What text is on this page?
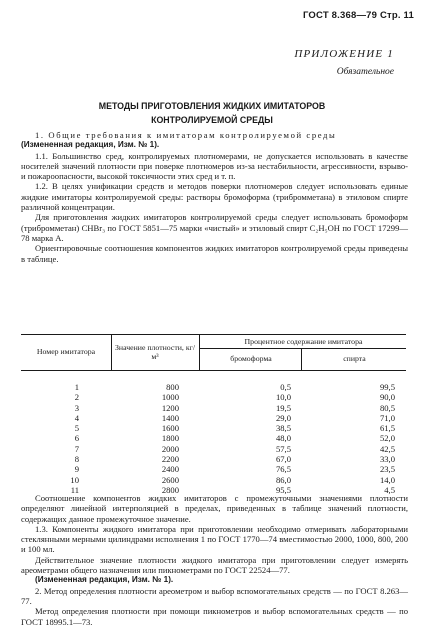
ГОСТ 8.368—79 Стр. 11
ПРИЛОЖЕНИЕ 1
Обязательное
МЕТОДЫ ПРИГОТОВЛЕНИЯ ЖИДКИХ ИМИТАТОРОВ
КОНТРОЛИРУЕМОЙ СРЕДЫ

1. Общие требования к имитаторам контролируемой среды

(Измененная редакция, Изм. № 1).

1.1. Большинство сред, контролируемых плотномерами, не допускается использовать в качестве носителей значений плотности при поверке плотномеров из-за нестабильности, агрессивности, взрыво- и пожароопасности, высокой токсичности этих сред и т. п.

1.2. В целях унификации средств и методов поверки плотномеров следует использовать единые жидкие имитаторы контролируемой среды: растворы бромоформа (трибромметана) в этиловом спирте различной концентрации.

Для приготовления жидких имитаторов контролируемой среды следует использовать бромоформ (трибромметан) CHBr₃ по ГОСТ 5851—75 марки «чистый» и этиловый спирт C₂H₅OH по ГОСТ 17299—78 марка А.

Ориентировочные соотношения компонентов жидких имитаторов контролируемой среды приведены в таблице.

Номер имитатора	Значение плотности, кг/м³
Процентное содержание имитатора
бромоформа	спирта
1	800	0,5	99,5
2	1000	10,0	90,0
3	1200	19,5	80,5
4	1400	29,0	71,0
5	1600	38,5	61,5
6	1800	48,0	52,0
7	2000	57,5	42,5
8	2200	67,0	33,0
9	2400	76,5	23,5
10	2600	86,0	14,0
11	2800	95,5	4,5

Соотношение компонентов жидких имитаторов с промежуточными значениями плотности определяют линейной интерполяцией в пределах, приведенных в таблице значений плотности, содержащих данное промежуточное значение.

1.3. Компоненты жидкого имитатора при приготовлении необходимо отмеривать лабораторными стеклянными мерными цилиндрами исполнения 1 по ГОСТ 1770—74 вместимостью 2000, 1000, 800, 200 и 100 мл.

Действительное значение плотности жидкого имитатора при приготовлении следует измерять ареометрами общего назначения или пикнометрами по ГОСТ 22524—77.

(Измененная редакция, Изм. № 1).

2. Метод определения плотности ареометром и выбор вспомогательных средств — по ГОСТ 8.263—77.

Метод определения плотности при помощи пикнометров и выбор вспомогательных средств — по ГОСТ 18995.1—73.
